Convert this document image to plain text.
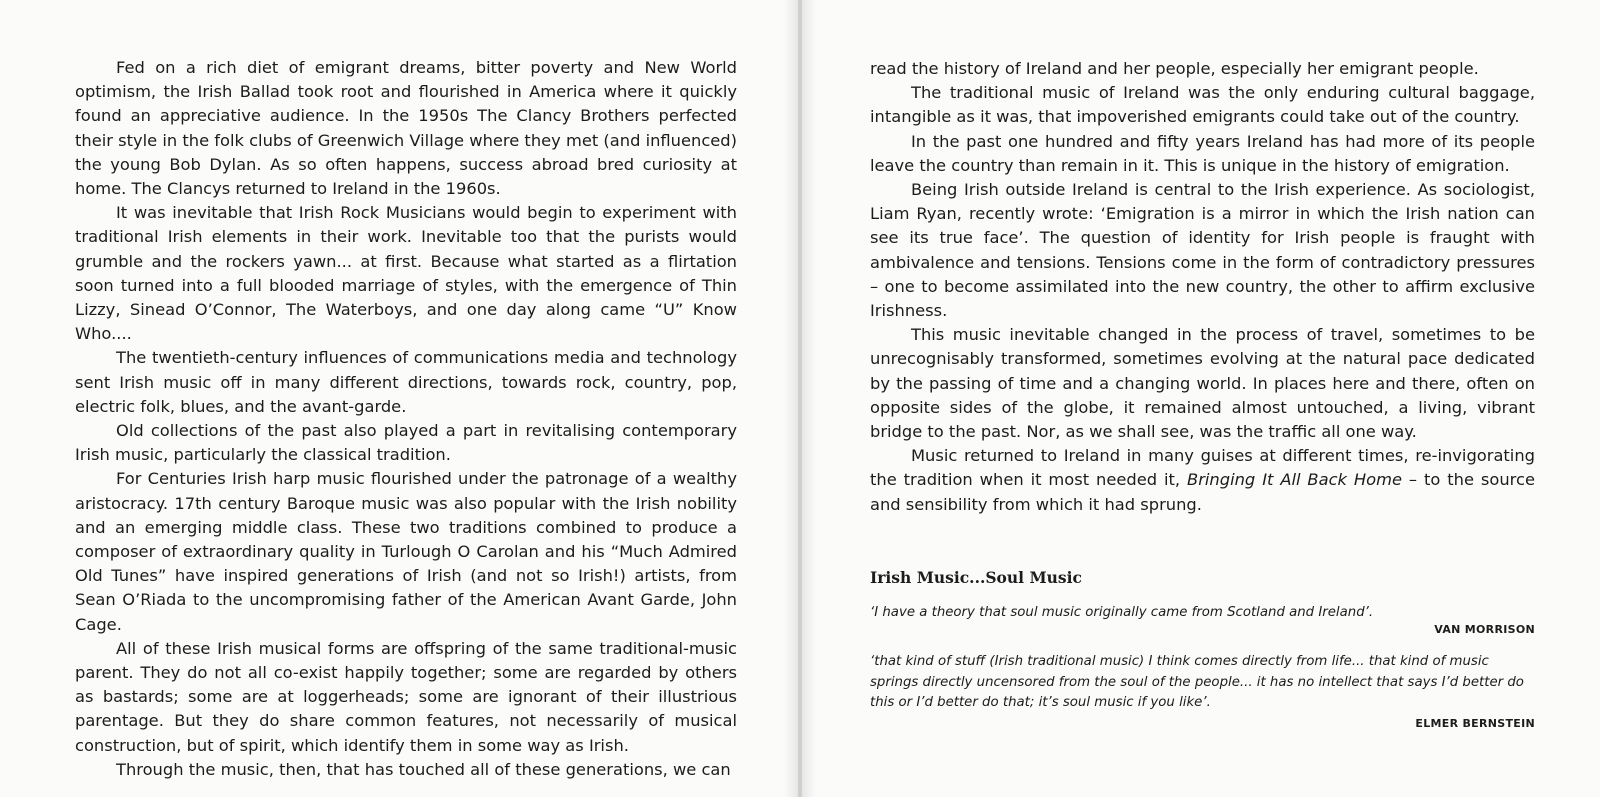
Fed on a rich diet of emigrant dreams, bitter poverty and New World optimism, the Irish Ballad took root and flourished in America where it quickly found an appreciative audience. In the 1950s The Clancy Brothers perfected their style in the folk clubs of Greenwich Village where they met (and influenced) the young Bob Dylan. As so often happens, success abroad bred curiosity at home. The Clancys returned to Ireland in the 1960s.

It was inevitable that Irish Rock Musicians would begin to experiment with traditional Irish elements in their work. Inevitable too that the purists would grumble and the rockers yawn... at first. Because what started as a flirtation soon turned into a full blooded marriage of styles, with the emergence of Thin Lizzy, Sinead O’Connor, The Waterboys, and one day along came “U” Know Who....

The twentieth-century influences of communications media and technology sent Irish music off in many different directions, towards rock, country, pop, electric folk, blues, and the avant-garde.

Old collections of the past also played a part in revitalising contemporary Irish music, particularly the classical tradition.

For Centuries Irish harp music flourished under the patronage of a wealthy aristocracy. 17th century Baroque music was also popular with the Irish nobility and an emerging middle class. These two traditions combined to produce a composer of extraordinary quality in Turlough O Carolan and his “Much Admired Old Tunes” have inspired generations of Irish (and not so Irish!) artists, from Sean O’Riada to the uncompromising father of the American Avant Garde, John Cage.

All of these Irish musical forms are offspring of the same traditional-music parent. They do not all co-exist happily together; some are regarded by others as bastards; some are at loggerheads; some are ignorant of their illustrious parentage. But they do share common features, not necessarily of musical construction, but of spirit, which identify them in some way as Irish.

Through the music, then, that has touched all of these generations, we can

read the history of Ireland and her people, especially her emigrant people.

The traditional music of Ireland was the only enduring cultural baggage, intangible as it was, that impoverished emigrants could take out of the country.

In the past one hundred and fifty years Ireland has had more of its people leave the country than remain in it. This is unique in the history of emigration.

Being Irish outside Ireland is central to the Irish experience. As sociologist, Liam Ryan, recently wrote: ‘Emigration is a mirror in which the Irish nation can see its true face’. The question of identity for Irish people is fraught with ambivalence and tensions. Tensions come in the form of contradictory pressures – one to become assimilated into the new country, the other to affirm exclusive Irishness.

This music inevitable changed in the process of travel, sometimes to be unrecognisably transformed, sometimes evolving at the natural pace dedicated by the passing of time and a changing world. In places here and there, often on opposite sides of the globe, it remained almost untouched, a living, vibrant bridge to the past. Nor, as we shall see, was the traffic all one way.

Music returned to Ireland in many guises at different times, re-invigorating the tradition when it most needed it, Bringing It All Back Home – to the source and sensibility from which it had sprung.

Irish Music...Soul Music

‘I have a theory that soul music originally came from Scotland and Ireland’.

VAN MORRISON

‘that kind of stuff (Irish traditional music) I think comes directly from life... that kind of music springs directly uncensored from the soul of the people... it has no intellect that says I’d better do this or I’d better do that; it’s soul music if you like’.

ELMER BERNSTEIN
